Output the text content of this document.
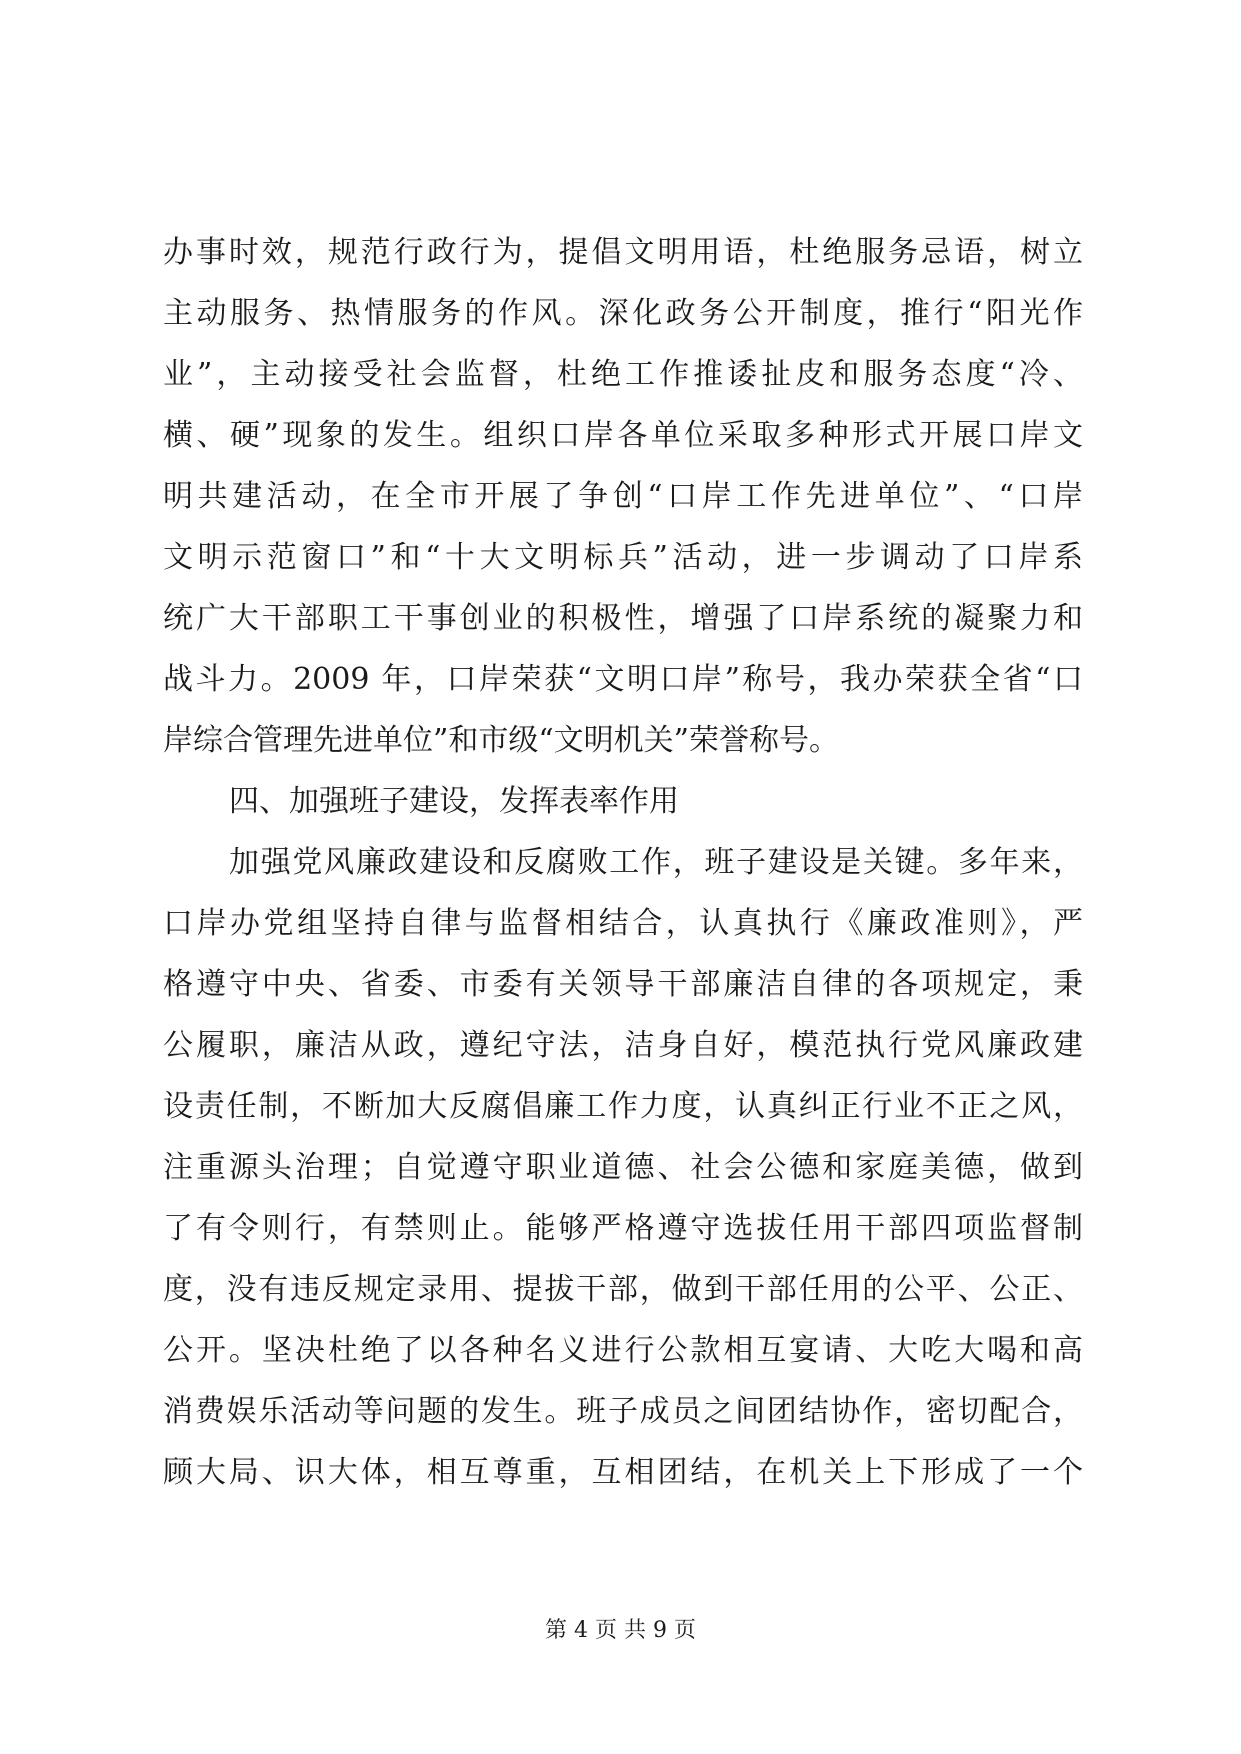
办事时效，规范行政行为，提倡文明用语，杜绝服务忌语，树立
主动服务、热情服务的作风。深化政务公开制度，推行“阳光作
业”，主动接受社会监督，杜绝工作推诿扯皮和服务态度“冷、
横、硬”现象的发生。组织口岸各单位采取多种形式开展口岸文
明共建活动，在全市开展了争创“口岸工作先进单位”、“口岸
文明示范窗口”和“十大文明标兵”活动，进一步调动了口岸系
统广大干部职工干事创业的积极性，增强了口岸系统的凝聚力和
战斗力。2009 年，口岸荣获“文明口岸”称号，我办荣获全省“口
岸综合管理先进单位”和市级“文明机关”荣誉称号。
四、加强班子建设，发挥表率作用
加强党风廉政建设和反腐败工作，班子建设是关键。多年来，
口岸办党组坚持自律与监督相结合，认真执行《廉政准则》，严
格遵守中央、省委、市委有关领导干部廉洁自律的各项规定，秉
公履职，廉洁从政，遵纪守法，洁身自好，模范执行党风廉政建
设责任制，不断加大反腐倡廉工作力度，认真纠正行业不正之风，
注重源头治理；自觉遵守职业道德、社会公德和家庭美德，做到
了有令则行，有禁则止。能够严格遵守选拔任用干部四项监督制
度，没有违反规定录用、提拔干部，做到干部任用的公平、公正、
公开。坚决杜绝了以各种名义进行公款相互宴请、大吃大喝和高
消费娱乐活动等问题的发生。班子成员之间团结协作，密切配合，
顾大局、识大体，相互尊重，互相团结，在机关上下形成了一个
第 4 页 共 9 页
